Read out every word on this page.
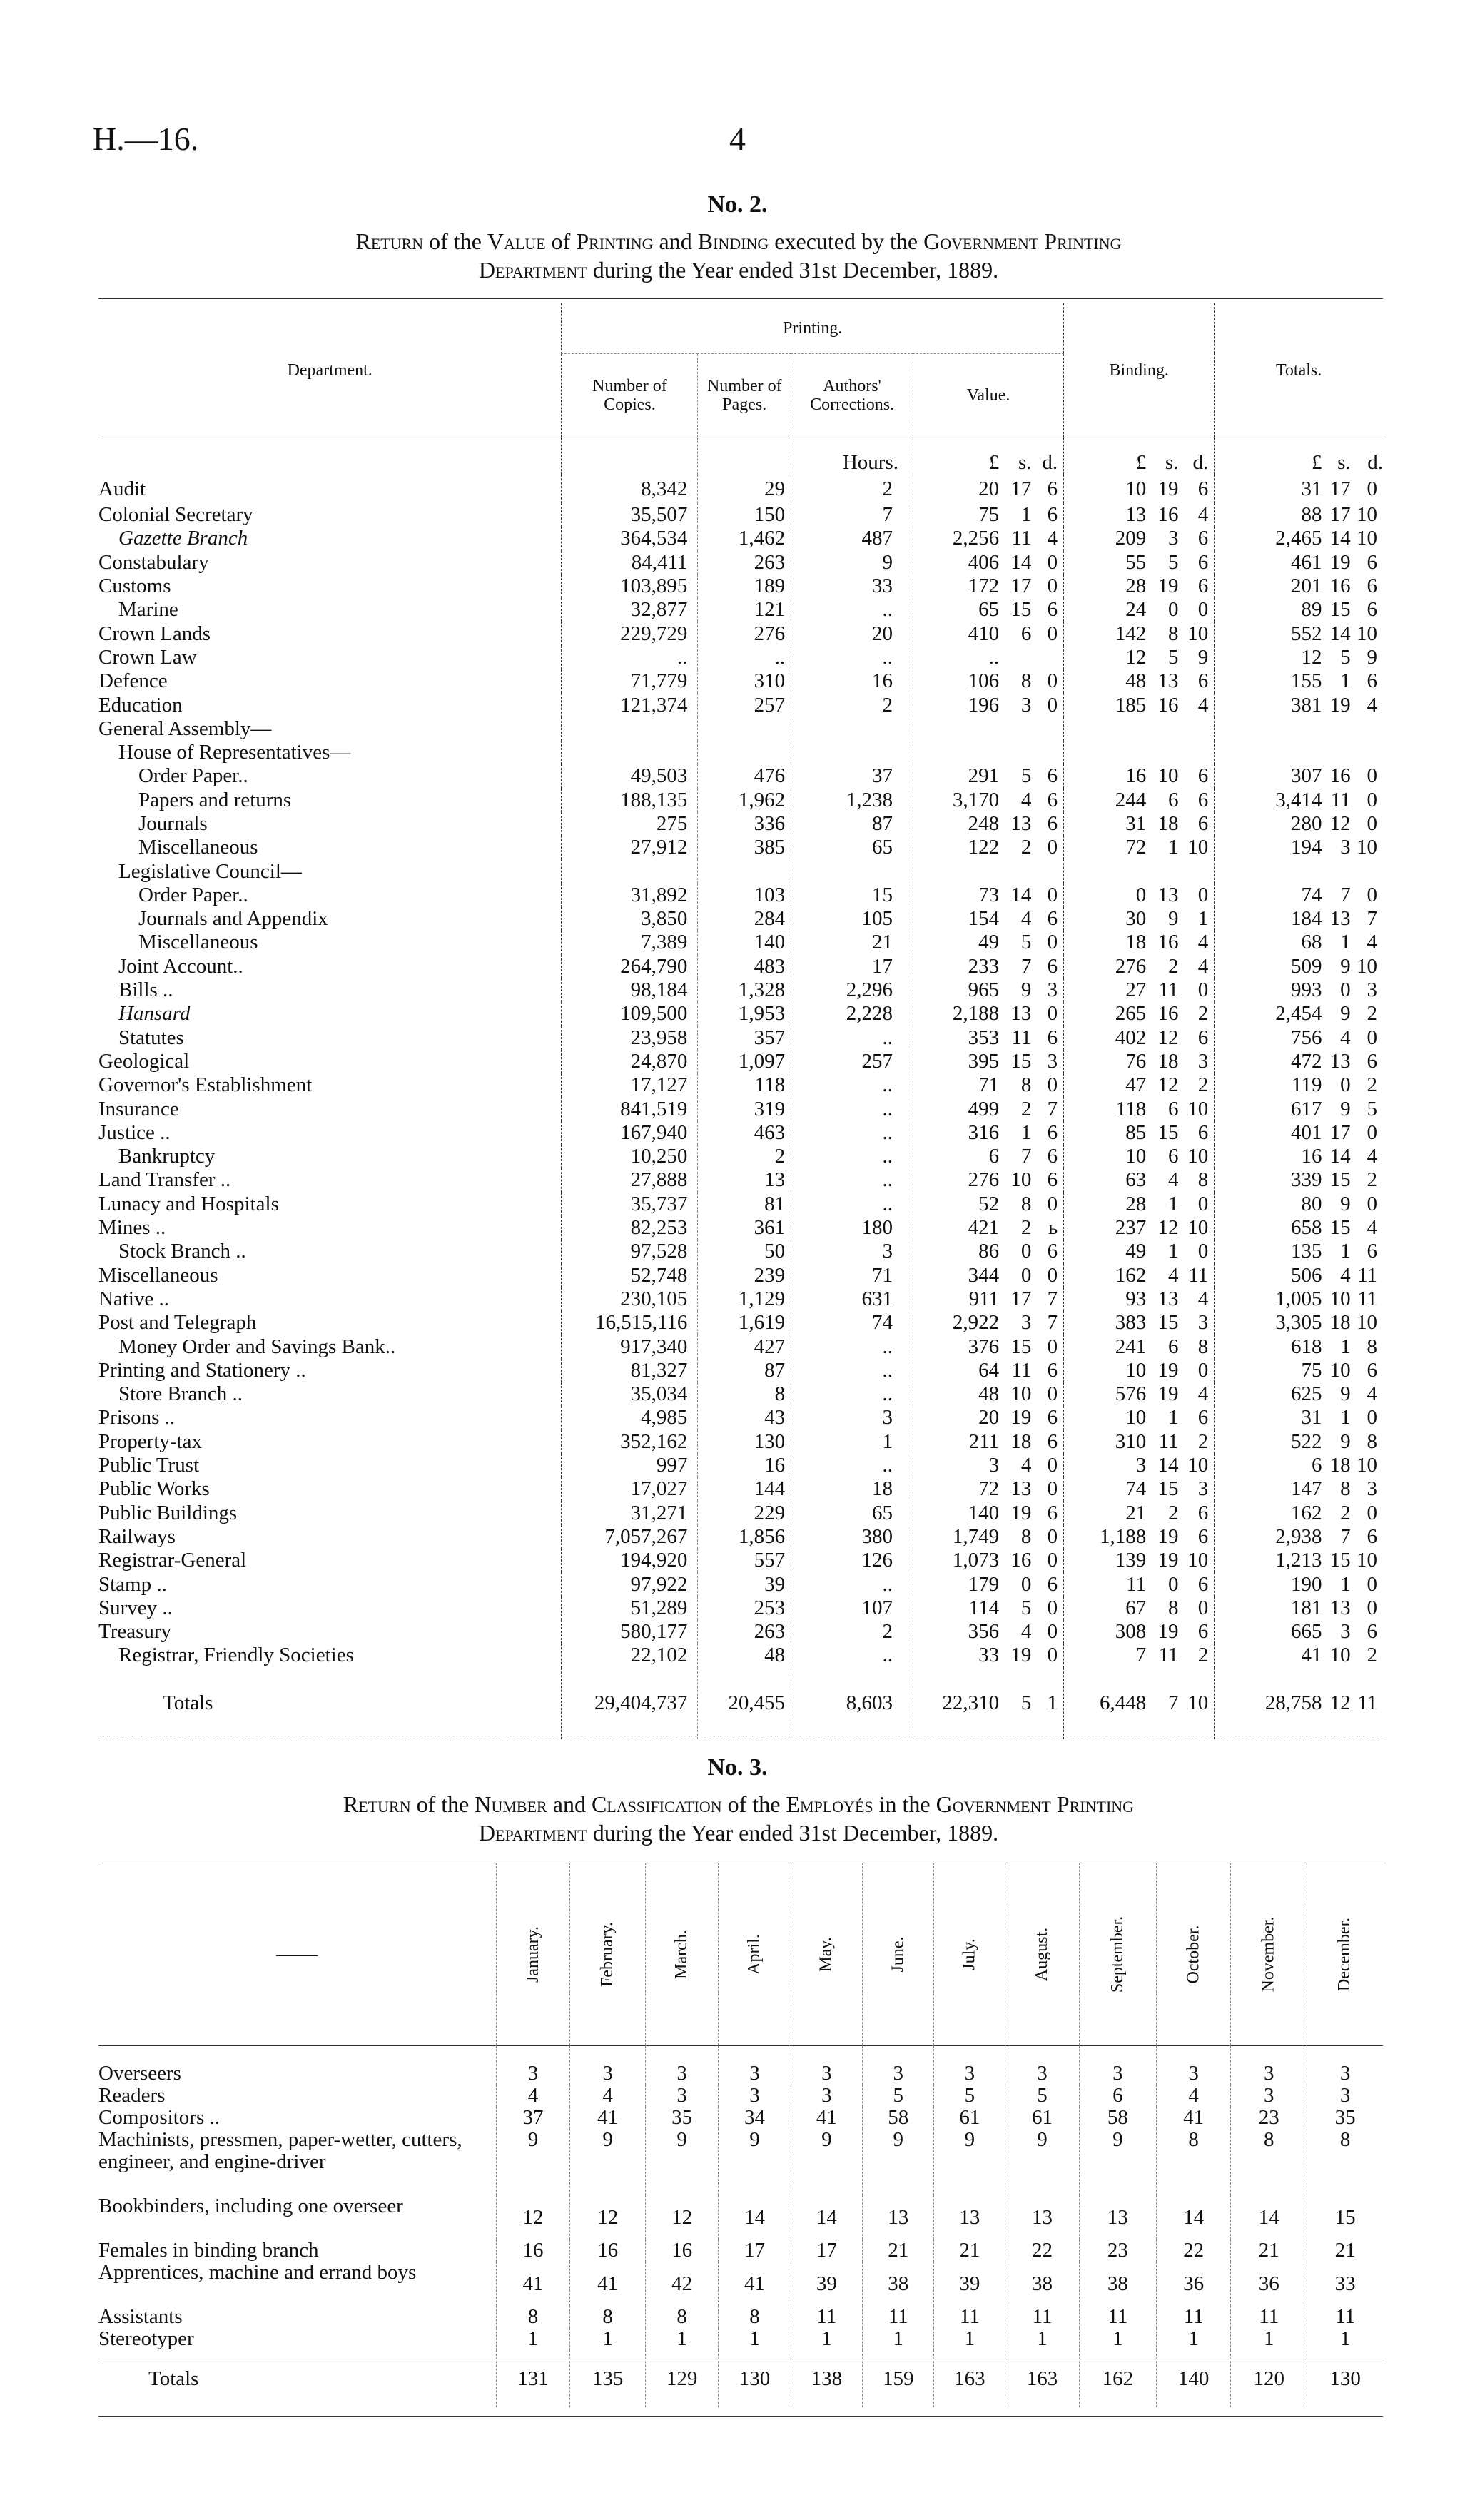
H.—16.	4
No. 2.
Return of the Value of Printing and Binding executed by the Government Printing
Department during the Year ended 31st December, 1889.
Department.	Printing.						Binding.			Totals.		
	Number of Copies.	Number of Pages.	Authors' Corrections.	Value.								
			Hours.	£	s.	d.	£	s.	d.	£	s.	d.
Audit	8,342	29	2	20	17	6	10	19	6	31	17	0
Colonial Secretary	35,507	150	7	75	1	6	13	16	4	88	17	10
Gazette Branch	364,534	1,462	487	2,256	11	4	209	3	6	2,465	14	10
Constabulary	84,411	263	9	406	14	0	55	5	6	461	19	6
Customs	103,895	189	33	172	17	0	28	19	6	201	16	6
Marine	32,877	121	..	65	15	6	24	0	0	89	15	6
Crown Lands	229,729	276	20	410	6	0	142	8	10	552	14	10
Crown Law	..	..	..	..			12	5	9	12	5	9
Defence	71,779	310	16	106	8	0	48	13	6	155	1	6
Education	121,374	257	2	196	3	0	185	16	4	381	19	4
General Assembly—												
House of Representatives—												
Order Paper..	49,503	476	37	291	5	6	16	10	6	307	16	0
Papers and returns	188,135	1,962	1,238	3,170	4	6	244	6	6	3,414	11	0
Journals	275	336	87	248	13	6	31	18	6	280	12	0
Miscellaneous	27,912	385	65	122	2	0	72	1	10	194	3	10
Legislative Council—												
Order Paper..	31,892	103	15	73	14	0	0	13	0	74	7	0
Journals and Appendix	3,850	284	105	154	4	6	30	9	1	184	13	7
Miscellaneous	7,389	140	21	49	5	0	18	16	4	68	1	4
Joint Account..	264,790	483	17	233	7	6	276	2	4	509	9	10
Bills ..	98,184	1,328	2,296	965	9	3	27	11	0	993	0	3
Hansard	109,500	1,953	2,228	2,188	13	0	265	16	2	2,454	9	2
Statutes	23,958	357	..	353	11	6	402	12	6	756	4	0
Geological	24,870	1,097	257	395	15	3	76	18	3	472	13	6
Governor's Establishment	17,127	118	..	71	8	0	47	12	2	119	0	2
Insurance	841,519	319	..	499	2	7	118	6	10	617	9	5
Justice ..	167,940	463	..	316	1	6	85	15	6	401	17	0
Bankruptcy	10,250	2	..	6	7	6	10	6	10	16	14	4
Land Transfer ..	27,888	13	..	276	10	6	63	4	8	339	15	2
Lunacy and Hospitals	35,737	81	..	52	8	0	28	1	0	80	9	0
Mines ..	82,253	361	180	421	2	ь	237	12	10	658	15	4
Stock Branch ..	97,528	50	3	86	0	6	49	1	0	135	1	6
Miscellaneous	52,748	239	71	344	0	0	162	4	11	506	4	11
Native ..	230,105	1,129	631	911	17	7	93	13	4	1,005	10	11
Post and Telegraph	16,515,116	1,619	74	2,922	3	7	383	15	3	3,305	18	10
Money Order and Savings Bank..	917,340	427	..	376	15	0	241	6	8	618	1	8
Printing and Stationery ..	81,327	87	..	64	11	6	10	19	0	75	10	6
Store Branch ..	35,034	8	..	48	10	0	576	19	4	625	9	4
Prisons ..	4,985	43	3	20	19	6	10	1	6	31	1	0
Property-tax	352,162	130	1	211	18	6	310	11	2	522	9	8
Public Trust	997	16	..	3	4	0	3	14	10	6	18	10
Public Works	17,027	144	18	72	13	0	74	15	3	147	8	3
Public Buildings	31,271	229	65	140	19	6	21	2	6	162	2	0
Railways	7,057,267	1,856	380	1,749	8	0	1,188	19	6	2,938	7	6
Registrar-General	194,920	557	126	1,073	16	0	139	19	10	1,213	15	10
Stamp ..	97,922	39	..	179	0	6	11	0	6	190	1	0
Survey ..	51,289	253	107	114	5	0	67	8	0	181	13	0
Treasury	580,177	263	2	356	4	0	308	19	6	665	3	6
Registrar, Friendly Societies	22,102	48	..	33	19	0	7	11	2	41	10	2
Totals	29,404,737	20,455	8,603	22,310	5	1	6,448	7	10	28,758	12	11
No. 3.
Return of the Number and Classification of the Employés in the Government Printing
Department during the Year ended 31st December, 1889.
——	January.	February.	March.	April.	May.	June.	July.	August.	September.	October.	November.	December.
Overseers	3	3	3	3	3	3	3	3	3	3	3	3
Readers	4	4	3	3	3	5	5	5	6	4	3	3
Compositors ..	37	41	35	34	41	58	61	61	58	41	23	35
Machinists, pressmen, paper-wetter, cutters, engineer, and engine-driver	9	9	9	9	9	9	9	9	9	8	8	8
Bookbinders, including one overseer	12	12	12	14	14	13	13	13	13	14	14	15
Females in binding branch	16	16	16	17	17	21	21	22	23	22	21	21
Apprentices, machine and errand boys	41	41	42	41	39	38	39	38	38	36	36	33
Assistants	8	8	8	8	11	11	11	11	11	11	11	11
Stereotyper	1	1	1	1	1	1	1	1	1	1	1	1
Totals	131	135	129	130	138	159	163	163	162	140	120	130
